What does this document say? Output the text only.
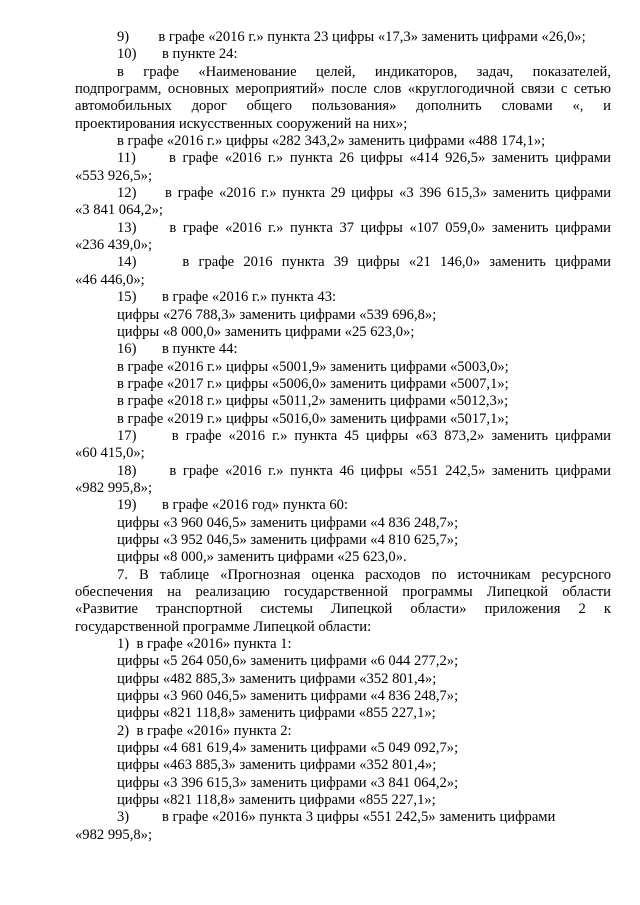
9)        в графе «2016 г.» пункта 23 цифры «17,3» заменить цифрами «26,0»;
10)       в пункте 24:
в графе «Наименование целей, индикаторов, задач, показателей,
подпрограмм, основных мероприятий» после слов «круглогодичной связи с сетью
автомобильных дорог общего пользования» дополнить словами «, и
проектирования искусственных сооружений на них»;
в графе «2016 г.» цифры «282 343,2» заменить цифрами «488 174,1»;
11)     в графе «2016 г.» пункта 26 цифры «414 926,5» заменить цифрами
«553 926,5»;
12)     в графе «2016 г.» пункта 29 цифры «3 396 615,3» заменить цифрами
«3 841 064,2»;
13)     в графе «2016 г.» пункта 37 цифры «107 059,0» заменить цифрами
«236 439,0»;
14)     в графе 2016 пункта 39 цифры «21 146,0» заменить цифрами
«46 446,0»;
15)       в графе «2016 г.» пункта 43:
цифры «276 788,3» заменить цифрами «539 696,8»;
цифры «8 000,0» заменить цифрами «25 623,0»;
16)       в пункте 44:
в графе «2016 г.» цифры «5001,9» заменить цифрами «5003,0»;
в графе «2017 г.» цифры «5006,0» заменить цифрами «5007,1»;
в графе «2018 г.» цифры «5011,2» заменить цифрами «5012,3»;
в графе «2019 г.» цифры «5016,0» заменить цифрами «5017,1»;
17)     в графе «2016 г.» пункта 45 цифры «63 873,2» заменить цифрами
«60 415,0»;
18)     в графе «2016 г.» пункта 46 цифры «551 242,5» заменить цифрами
«982 995,8»;
19)       в графе «2016 год» пункта 60:
цифры «3 960 046,5» заменить цифрами «4 836 248,7»;
цифры «3 952 046,5» заменить цифрами «4 810 625,7»;
цифры «8 000,» заменить цифрами «25 623,0».
7. В таблице «Прогнозная оценка расходов по источникам ресурсного
обеспечения на реализацию государственной программы Липецкой области
«Развитие транспортной системы Липецкой области» приложения 2 к
государственной программе Липецкой области:
1)  в графе «2016» пункта 1:
цифры «5 264 050,6» заменить цифрами «6 044 277,2»;
цифры «482 885,3» заменить цифрами «352 801,4»;
цифры «3 960 046,5» заменить цифрами «4 836 248,7»;
цифры «821 118,8» заменить цифрами «855 227,1»;
2)  в графе «2016» пункта 2:
цифры «4 681 619,4» заменить цифрами «5 049 092,7»;
цифры «463 885,3» заменить цифрами «352 801,4»;
цифры «3 396 615,3» заменить цифрами «3 841 064,2»;
цифры «821 118,8» заменить цифрами «855 227,1»;
3)         в графе «2016» пункта 3 цифры «551 242,5» заменить цифрами
«982 995,8»;
